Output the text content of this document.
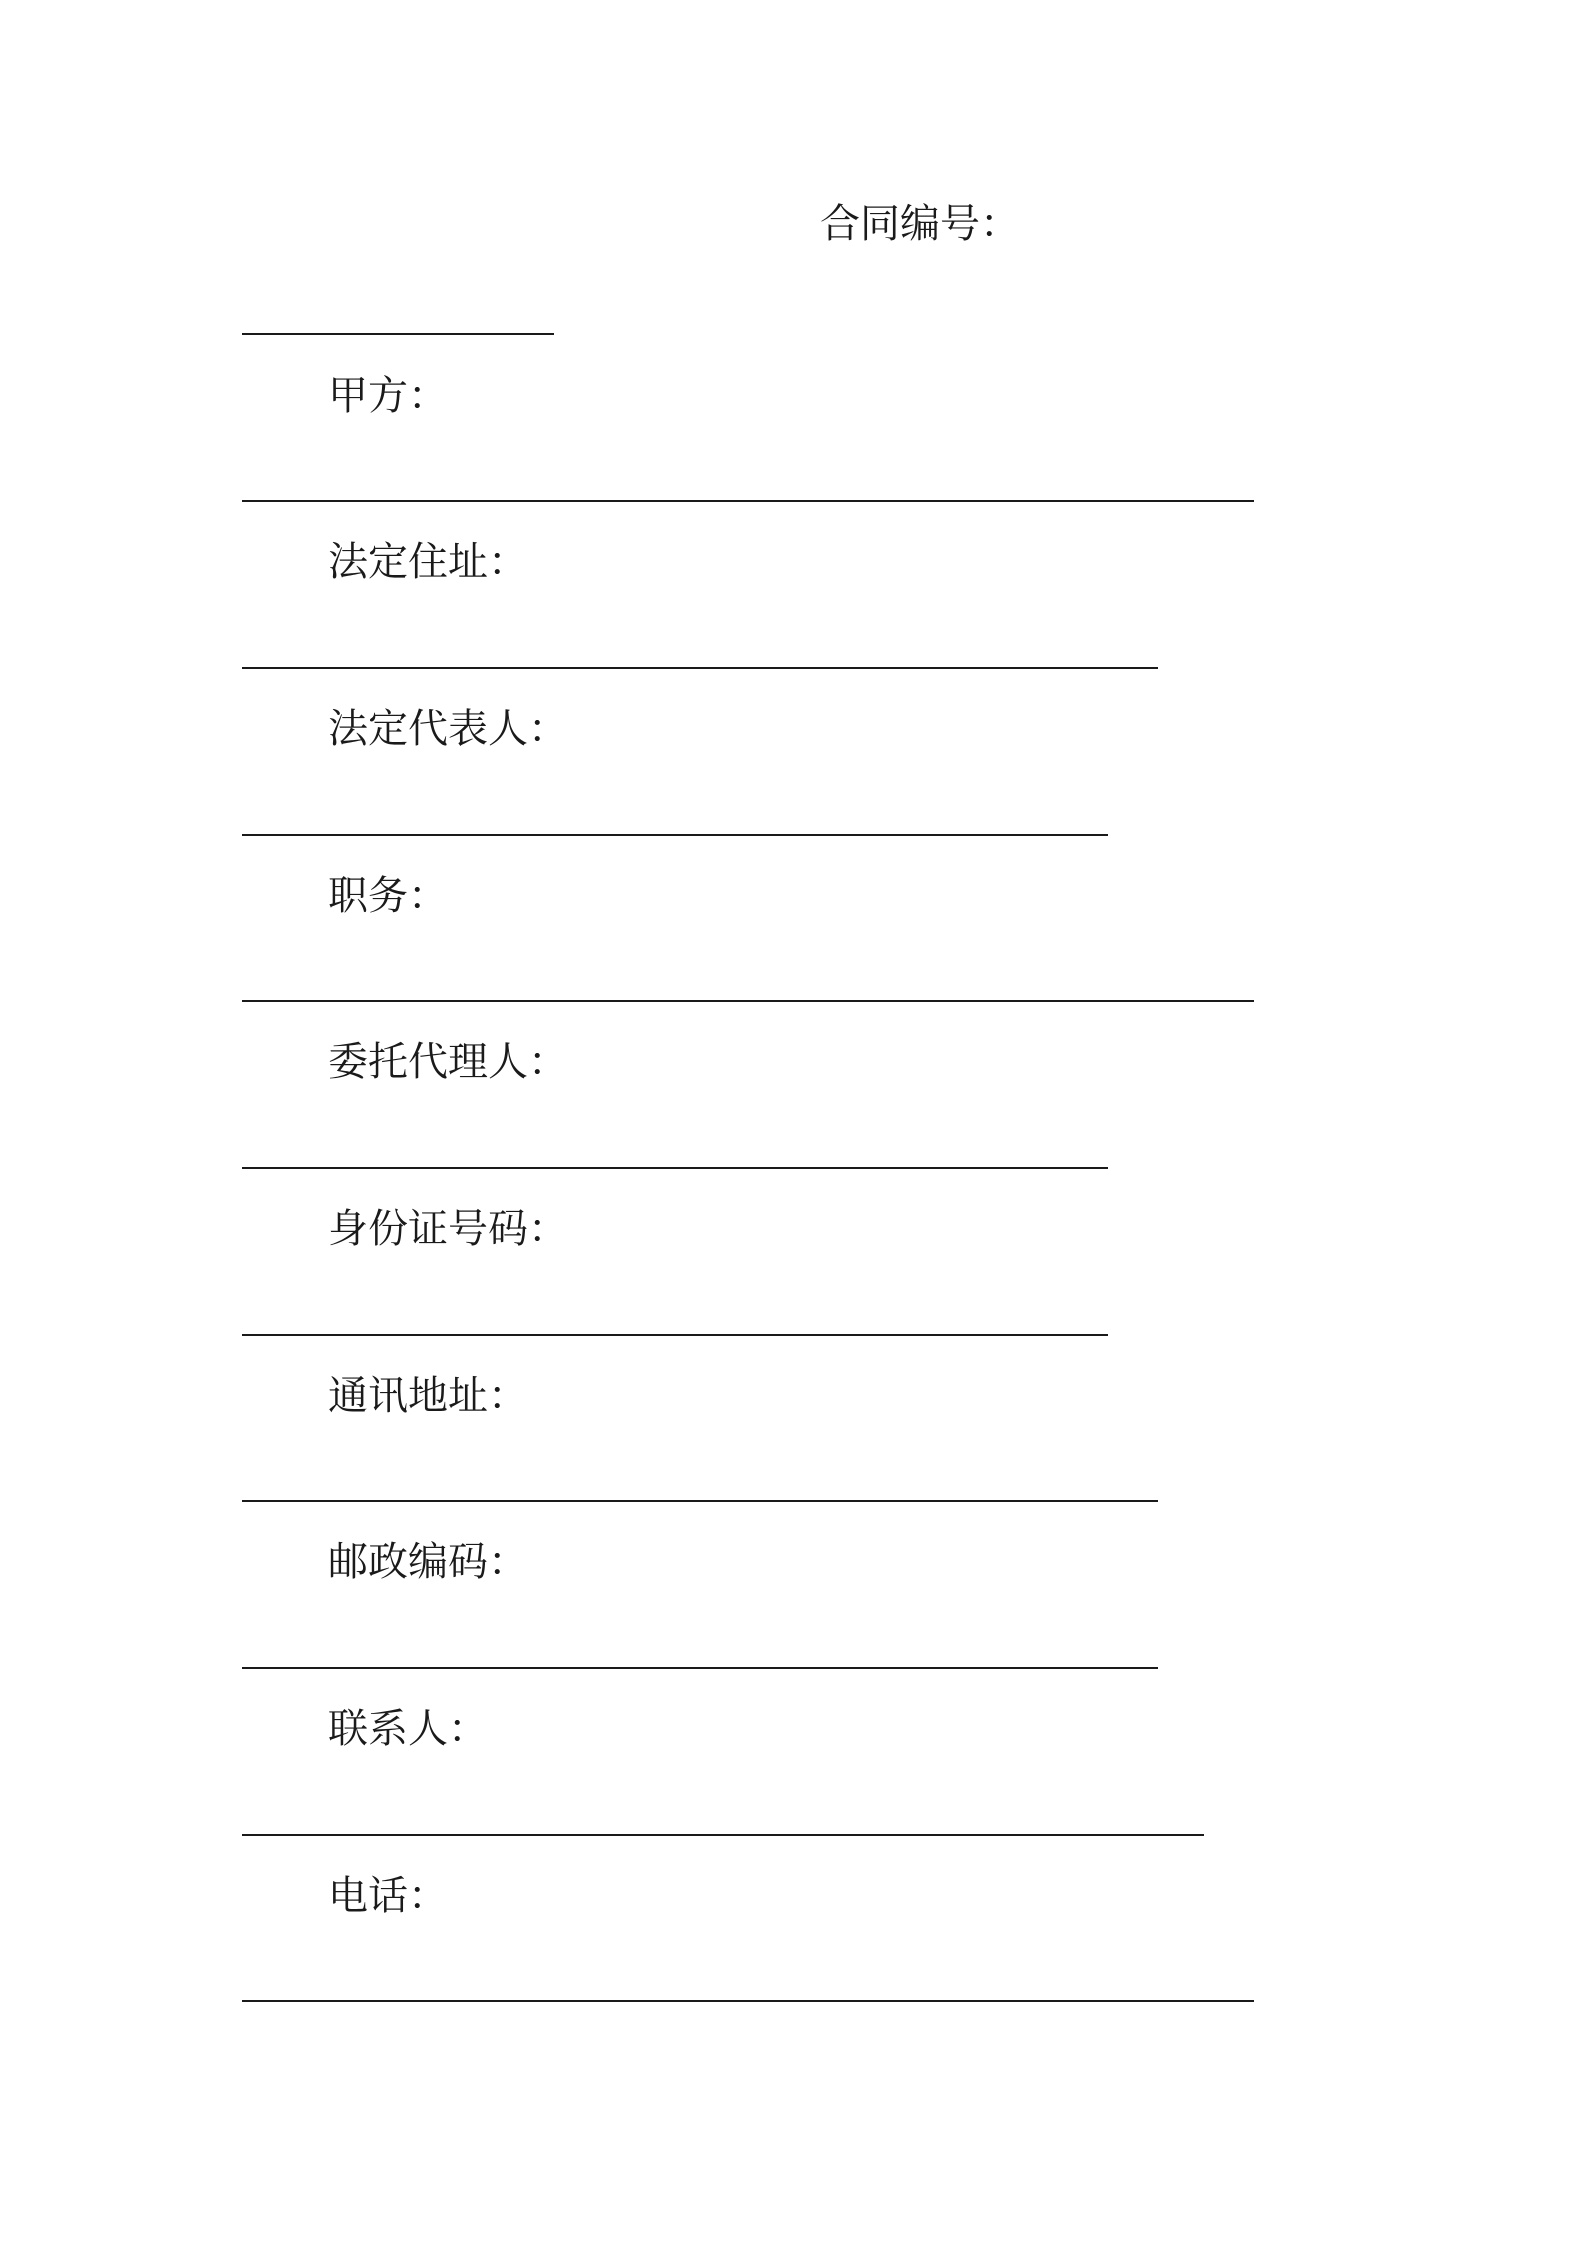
合同编号：
甲方：
法定住址：
法定代表人：
职务：
委托代理人：
身份证号码：
通讯地址：
邮政编码：
联系人：
电话：
